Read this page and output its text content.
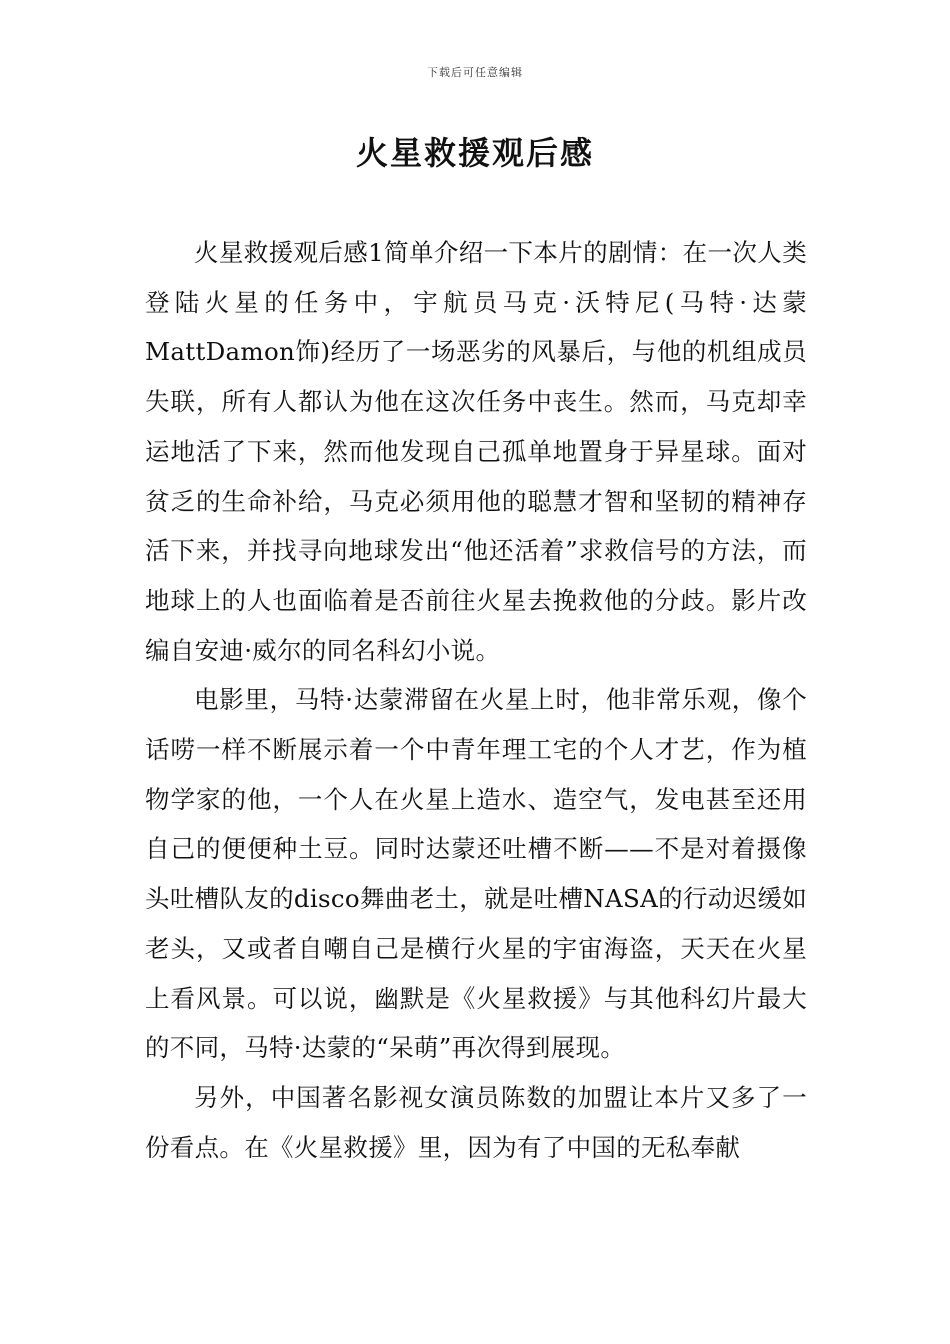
下载后可任意编辑
火星救援观后感

火星救援观后感1简单介绍一下本片的剧情：在一次人类登陆火星的任务中，宇航员马克·沃特尼(马特·达蒙MattDamon饰)经历了一场恶劣的风暴后，与他的机组成员失联，所有人都认为他在这次任务中丧生。然而，马克却幸运地活了下来，然而他发现自己孤单地置身于异星球。面对贫乏的生命补给，马克必须用他的聪慧才智和坚韧的精神存活下来，并找寻向地球发出“他还活着”求救信号的方法，而地球上的人也面临着是否前往火星去挽救他的分歧。影片改编自安迪·威尔的同名科幻小说。

电影里，马特·达蒙滞留在火星上时，他非常乐观，像个话唠一样不断展示着一个中青年理工宅的个人才艺，作为植物学家的他，一个人在火星上造水、造空气，发电甚至还用自己的便便种土豆。同时达蒙还吐槽不断——不是对着摄像头吐槽队友的disco舞曲老土，就是吐槽NASA的行动迟缓如老头，又或者自嘲自己是横行火星的宇宙海盗，天天在火星上看风景。可以说，幽默是《火星救援》与其他科幻片最大的不同，马特·达蒙的“呆萌”再次得到展现。

另外，中国著名影视女演员陈数的加盟让本片又多了一份看点。在《火星救援》里，因为有了中国的无私奉献
